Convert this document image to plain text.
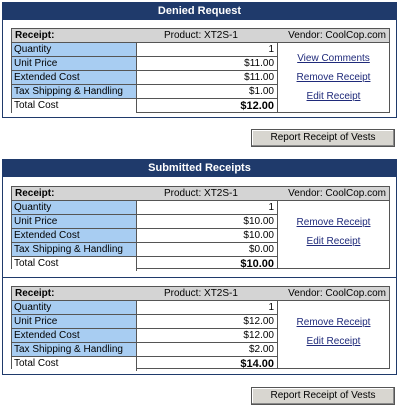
Denied Request
Receipt:	Product: XT2S-1	Vendor: CoolCop.com
Quantity	1
Unit Price	$11.00
Extended Cost	$11.00
Tax Shipping & Handling	$1.00
Total Cost	$12.00
View Comments
Remove Receipt
Edit Receipt
Report Receipt of Vests
Submitted Receipts
Receipt:	Product: XT2S-1	Vendor: CoolCop.com
Quantity	1
Unit Price	$10.00
Extended Cost	$10.00
Tax Shipping & Handling	$0.00
Total Cost	$10.00
Remove Receipt
Edit Receipt
Receipt:	Product: XT2S-1	Vendor: CoolCop.com
Quantity	1
Unit Price	$12.00
Extended Cost	$12.00
Tax Shipping & Handling	$2.00
Total Cost	$14.00
Remove Receipt
Edit Receipt
Report Receipt of Vests
